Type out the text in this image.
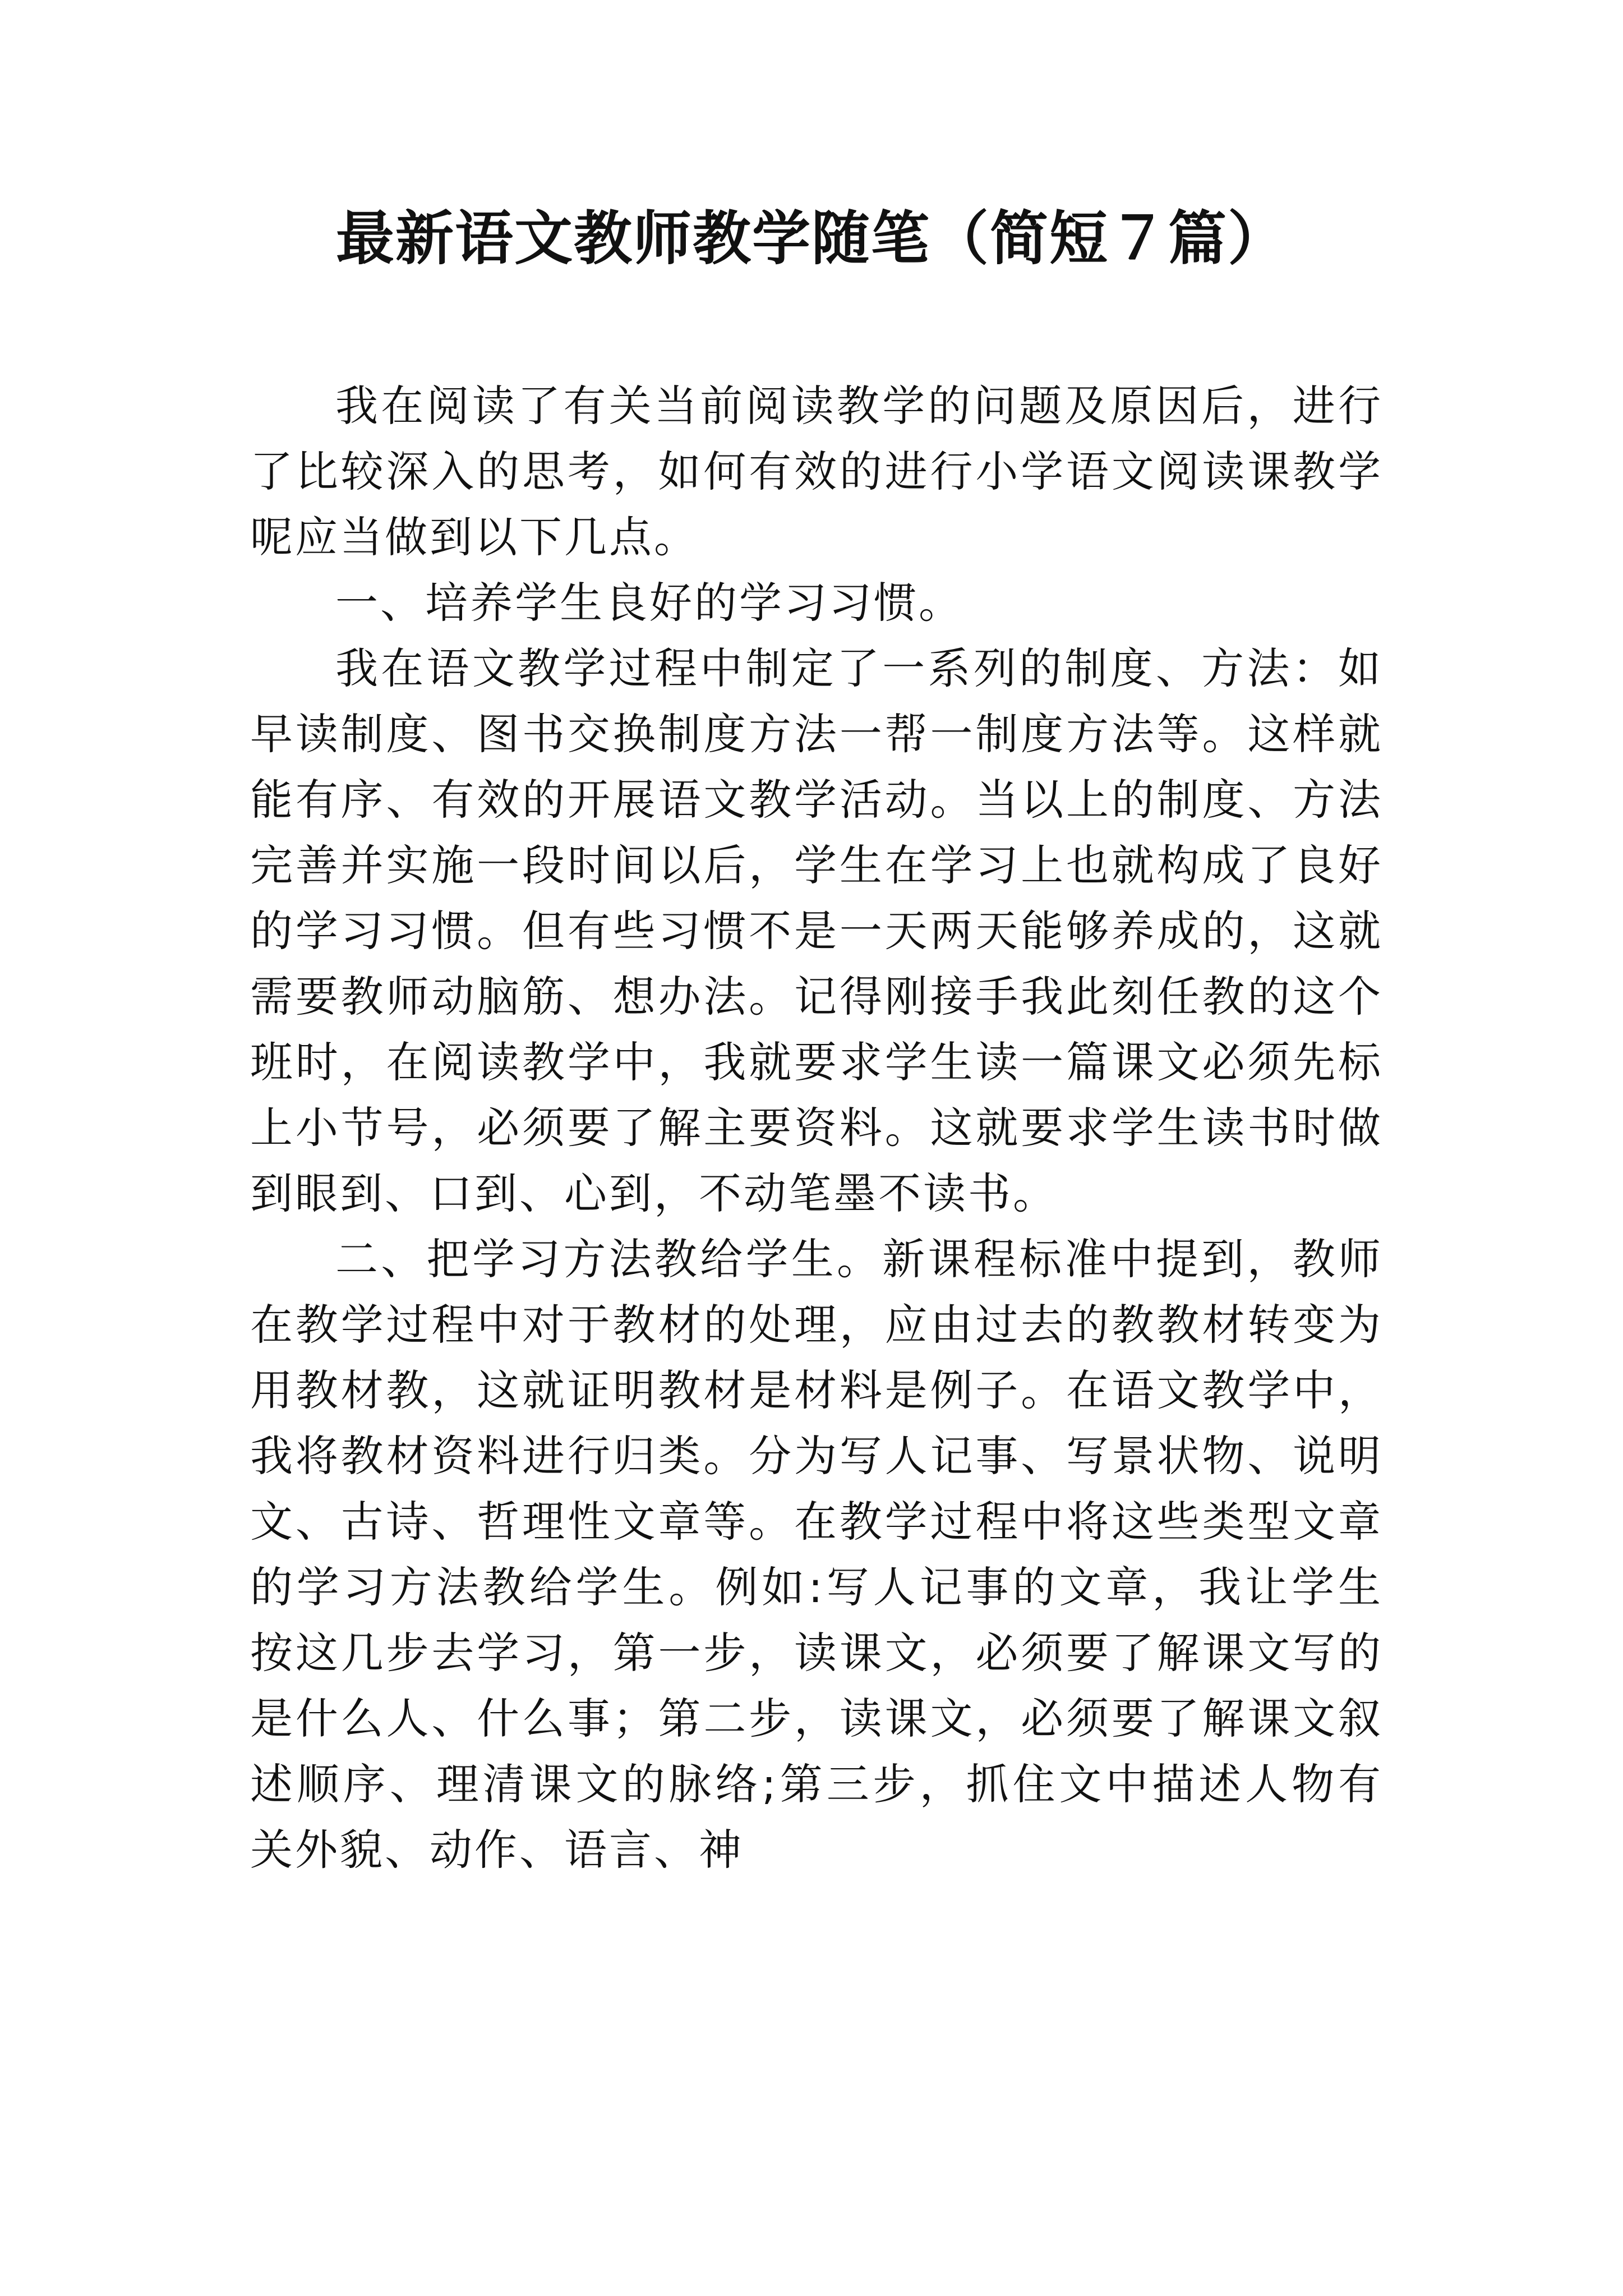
最新语文教师教学随笔（简短７篇）

我在阅读了有关当前阅读教学的问题及原因后，进行了比较深入的思考，如何有效的进行小学语文阅读课教学呢应当做到以下几点。

一、培养学生良好的学习习惯。

我在语文教学过程中制定了一系列的制度、方法：如早读制度、图书交换制度方法一帮一制度方法等。这样就能有序、有效的开展语文教学活动。当以上的制度、方法完善并实施一段时间以后，学生在学习上也就构成了良好的学习习惯。但有些习惯不是一天两天能够养成的，这就需要教师动脑筋、想办法。记得刚接手我此刻任教的这个班时，在阅读教学中，我就要求学生读一篇课文必须先标上小节号，必须要了解主要资料。这就要求学生读书时做到眼到、口到、心到，不动笔墨不读书。

二、把学习方法教给学生。新课程标准中提到，教师在教学过程中对于教材的处理，应由过去的教教材转变为用教材教，这就证明教材是材料是例子。在语文教学中，我将教材资料进行归类。分为写人记事、写景状物、说明文、古诗、哲理性文章等。在教学过程中将这些类型文章的学习方法教给学生。例如:写人记事的文章，我让学生按这几步去学习，第一步，读课文，必须要了解课文写的是什么人、什么事；第二步，读课文，必须要了解课文叙述顺序、理清课文的脉络;第三步，抓住文中描述人物有关外貌、动作、语言、神
